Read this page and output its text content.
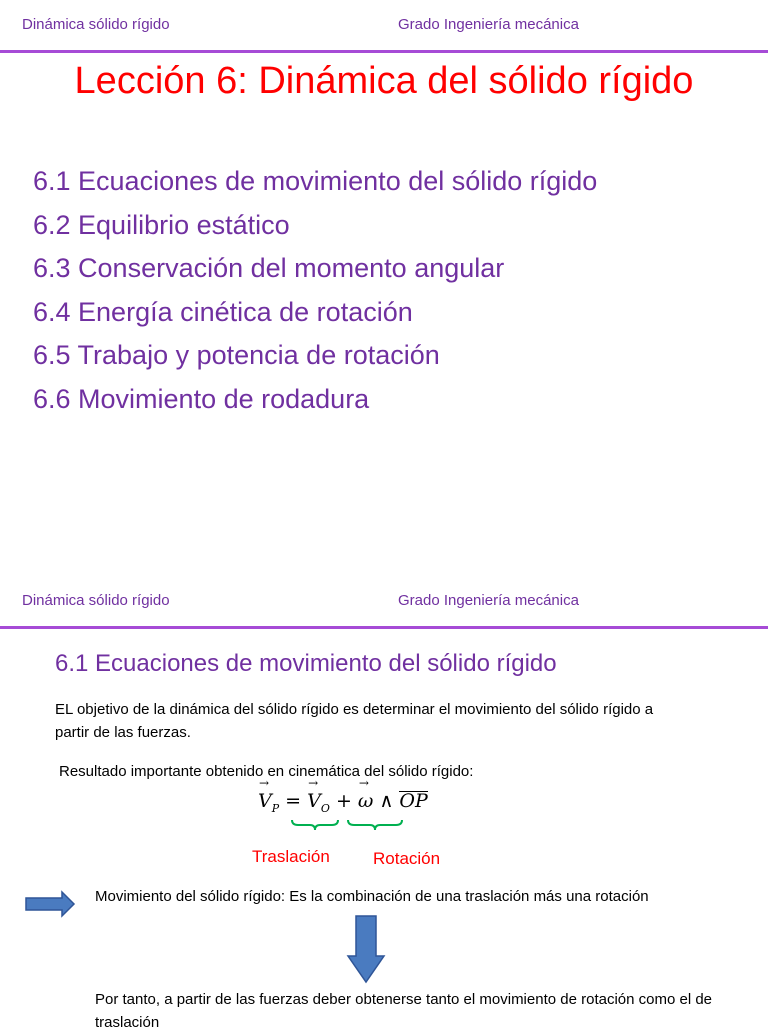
Dinámica sólido rígido	Grado Ingeniería mecánica
Lección 6: Dinámica del sólido rígido
6.1 Ecuaciones de movimiento del sólido rígido
6.2 Equilibrio estático
6.3 Conservación del momento angular
6.4 Energía cinética de rotación
6.5 Trabajo y potencia de rotación
6.6 Movimiento de rodadura
Dinámica sólido rígido	Grado Ingeniería mecánica
6.1 Ecuaciones de movimiento del sólido rígido
EL objetivo de la dinámica del sólido rígido es determinar el movimiento del sólido rígido a partir de las fuerzas.
Resultado importante obtenido en cinemática del sólido rígido:
→ $V_P$ = → $V_O$ + → ω ∧ OP
Traslación	Rotación
Movimiento del sólido rígido: Es la combinación de una traslación más una rotación
Por tanto, a partir de las fuerzas deber obtenerse tanto el movimiento de rotación como el de traslación
